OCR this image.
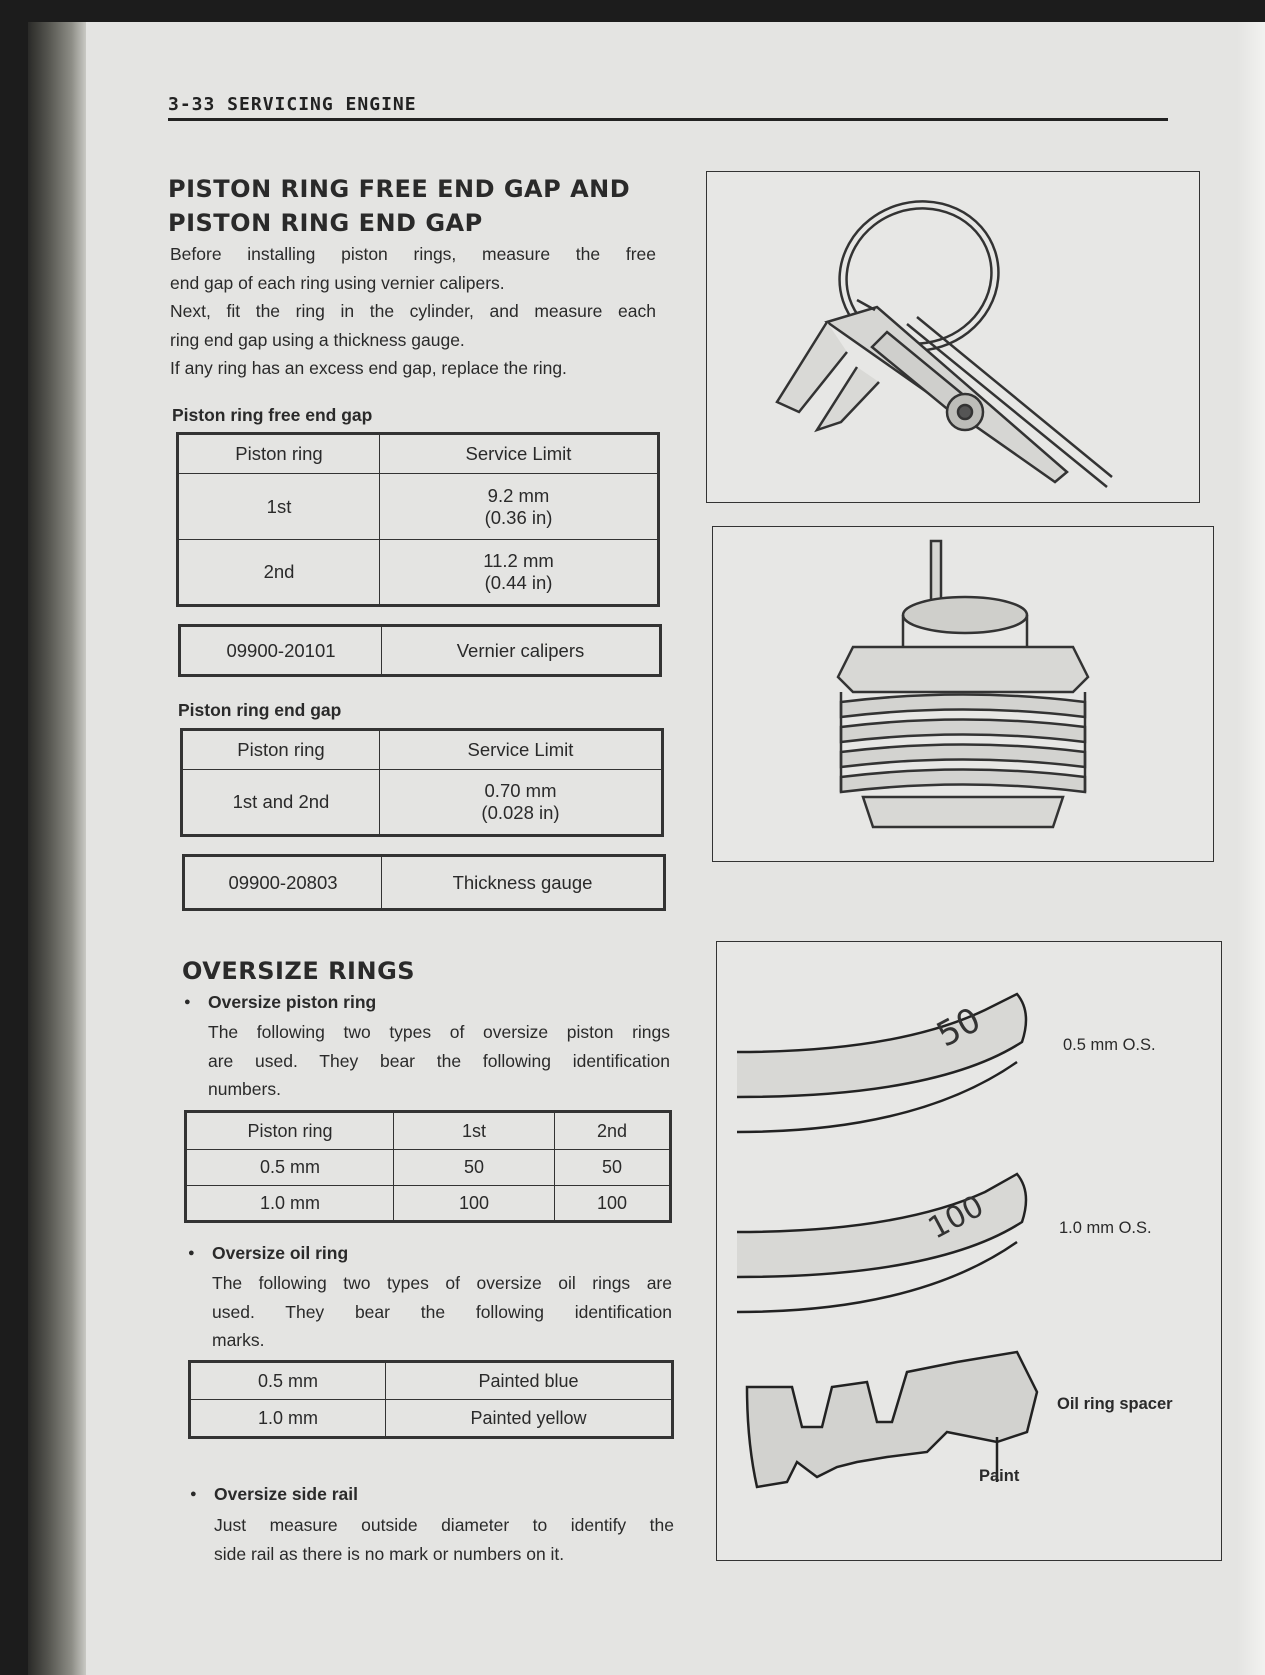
3-33 SERVICING ENGINE
PISTON RING FREE END GAP AND
PISTON RING END GAP
Before installing piston rings, measure the free
end gap of each ring using vernier calipers.
Next, fit the ring in the cylinder, and measure each
ring end gap using a thickness gauge.
If any ring has an excess end gap, replace the ring.
Piston ring free end gap
Piston ring	Service Limit
1st	9.2 mm
(0.36 in)

2nd	11.2 mm
(0.44 in)
09900-20101	Vernier calipers
Piston ring end gap
Piston ring	Service Limit
1st and 2nd	0.70 mm
(0.028 in)
09900-20803	Thickness gauge
OVERSIZE RINGS
● Oversize piston ring
The following two types of oversize piston rings
are used. They bear the following identification
numbers.
Piston ring	1st	2nd
0.5 mm	50	50
1.0 mm	100	100
● Oversize oil ring
The following two types of oversize oil rings are
used. They bear the following identification
marks.
0.5 mm	Painted blue
1.0 mm	Painted yellow
● Oversize side rail
Just measure outside diameter to identify the
side rail as there is no mark or numbers on it.
50
100
0.5 mm O.S.
1.0 mm O.S.
Oil ring spacer
Paint
